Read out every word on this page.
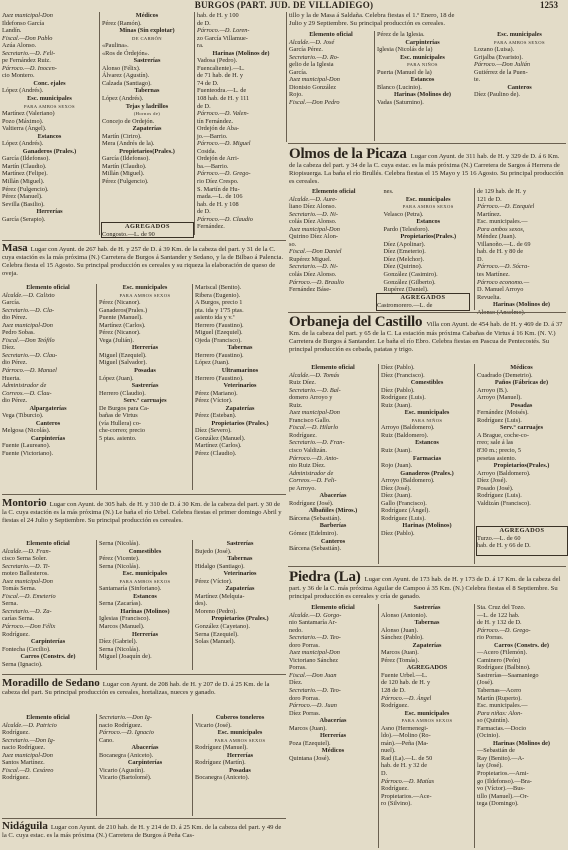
BURGOS (PART. JUD. DE VILLADIEGO)	1253

Juez municipal-Don

Ildefonso García

Landín.

Fiscal.—Don Pablo

Azúa Alonso.

Secretario.—D. Feli-

pe Fernández Ruiz.

Párroco.—D. Inocen-

cio Montero.

Conc. ejales

López (Andrés).

Esc. municipales

PARA AMBOS SEXOS

Martínez (Valeriano)

Pozo (Máximo).

Valtierra (Ángel).

Estancos

López (Andrés).

Ganaderos (Prales.)

García (Ildefonso).

Martín (Claudio).

Martínez (Felipe).

Millán (Miguel).

Pérez (Fulgencio).

Pérez (Manuel).

Sevilla (Basilio).

Herrerías

García (Serapio).

Médicos

Pérez (Ramón).

Minas (Sin explotar)

DE CARBÓN

«Paulina».

«Ros de Órdejón».

Sastrerías

Alonso (Félix).

Álvarez (Agustín).

Calzada (Santiago).

Tabernas

López (Andrés).

Tejas y ladrillos

(Hornos de)

Concejo de Ordejón.

Zapaterías

Martín (Ciriro).

Mera (Andrés de la).

Propietarios(Prales.)

García (Ildefonso).

Martín (Claudio).

Millán (Miguel).

Pérez (Fulgencio).

AGREGADOS

Congosto.—L. de 90

hab. de H. y 100

de D.

Párroco.—D. Loren-

zo García Villamue-

ra.

Harinas (Molinos de)

Vadosa (Pedro).

Fuencaliente).—L.

de 71 hab. de H. y

74 de D.

Fuenteodra.—L. de

108 hab. de H. y 111

de D.

Párroco.—D. Valen-

tín Fernández.

Ordejón de Aba-

jo.—Barrio.

Párroco.—D. Miguel

Cosida.

Ordejón de Arri-

ba.—Barrio.

Párroco.—D. Grego-

rio Díez Crespo.

S. Martín de Hu-

mada.—L. de 106

hab. de H. y 108

de D.

Párroco.—D. Claudio

Fernández.

tillo y la de Masa á Saldaña. Celebra fiestas el 1.º Enero, 18 de

Julio y 29 Septiembre. Su principal producción es cereales.

Elemento oficial

Alcalde.—D. José

García Pérez.

Secretario.—D. Ro-

gelio de la Iglesia

García.

Juez municipal-Don

Dionisio González

Rojo.

Fiscal.—Don Pedro

Pérez de la Iglesia.

Carpinterías

Iglesia (Nicolás de la)

Esc. municipales

PARA NIÑOS

Puerta (Manuel de la)

Estancos

Blanco (Lucinio).

Harinas (Molinos de)

Vadas (Saturnino).

Esc. municipales

PARA AMBOS SEXOS

Lozano (Luisa).

Grijalba (Evaristo).

Párroco.—Don Julián

Gutiérrez de la Puen-

te.

Canteros

Díez (Paulino de).

Olmos de la Picaza Lugar con Ayunt. de 311 hab. de H. y 329 de D. á 6 Km. de la cabeza del part. y 34 de la C. cuya estac. es la más próxima (N.) Carretera de Sargos á Herrera de Riopisuerga. La baña el río Brullés. Celebra fiestas el 15 Mayo y 15 16 Agosto. Su principal producción es cereales.

Elemento oficial

Alcalde.—D. Aure-

liano Díez Alonso.

Secretario.—D. Ni-

colás Díez Alonso.

Juez municipal-Don

Quirino Díez Alon-

so.

Fiscal.—Don Daniel

Rupérez Miguel.

Secretario.—D. Ni-

colás Díez Alonso.

Párroco.—D. Braulio

Fernández Báse-

nes.

Esc. municipales

PARA AMBOS SEXOS

Velasco (Petra).

Estancos

Pardo (Telesforo).

Propietarios(Prales.)

Díez (Apolinar).

Díez (Emeterio).

Díez (Melchor).

Díez (Quirino).

González (Casimiro).

González (Gilberto).

Rupérez (Daniel).

AGREGADOS

Castromorero.—L. de

de 129 hab. de H. y

121 de D.

Párroco.—D. Ezequiel

Martínez.

Esc. municipales.—

Para ambos sexos,

Méndez (Juan).

Villanoño.—L. de 69

hab. de H. y 80 de

D.

Párroco.—D. Sócra-

tes Martínez.

Párroco economo.—

D. Manuel Arroyo

Revuelta.

Harinas (Molinos de)

Masa Lugar con Ayunt. de 267 hab. de H. y 257 de D. á 39 Km. de la cabeza del part. y 31 de la C. cuya estación es la más próxima (N.) Carretera de Burgos á Santander y Sedano, y la de Bilbao á Palencia. Celebra fiesta el 15 Agosto. Su principal producción es cereales y su riqueza la elaboración de queso de oveja.

Elemento oficial

Alcalde.—D. Calixto

García.

Secretario.—D. Cla-

dio Pérez.

Juez municipal-Don

Pedro Sobas.

Fiscal.—Don Teófilo

Díez.

Secretario.—D. Clau-

dio Pérez.

Párroco.—D. Manuel

Huerta.

Administrador de

Correos.—D. Clau-

dio Pérez.

Alpargaterías

Vega (Tiburcio).

Canteros

Melgosa (Nicolás).

Carpinterías

Fuente (Laureano).

Fuente (Victoriano).

Esc. municipales

PARA AMBOS SEXOS

Pérez (Nicanor).

Ganaderos(Prales.)

Puente (Manuel).

Martínez (Carlos).

Pérez (Nicanor).

Vega (Julián).

Herrerías

Miguel (Ezequiel).

Miguel (Salvador).

Posadas

López (Juan).

Sastrerías

Herrero (Claudio).

Serv.° carruajes

De Burgos para Ca-

bañas de Virtus

(vía Hullera) co-

che-correo; precio

5 ptas. asiento.

Mariscal (Benito).

Ribera (Eugenio).

A Burgos, precio 1

pta. ida y 1'75 ptas.

asiento ida y v.ª

Herrero (Faustino).

Miguel (Ezequiel).

Ojeda (Francisco).

Tabernas

Herrero (Faustino).

López (Juan).

Ultramarinos

Herrero (Faustino).

Veterinarios

Pérez (Mariano).

Pérez (Víctor).

Zapaterías

Pérez (Esteban).

Propietarios (Prales.)

Díez (Severo).

González (Manuel).

Martínez (Carlos).

Pérez (Claudio).

Orbaneja del Castillo Villa con Ayunt. de 454 hab. de H. y 469 de D. á 37 Km. de la cabeza del part. y 65 de la C. La estación más próxima Cabañas de Virtus á 16 Km. (N. V.) Carretera de Burgos á Santander. Le baña el río Ebro. Celebra fiestas en Pascua de Pentecostés. Su principal producción es cebada, patatas y trigo.

Elemento oficial

Alcalde.—D. Tomás

Ruiz Díez.

Secretario.—D. Bal-

domero Arroyo y

Ruiz.

Juez municipal-Don

Francisco Gallo.

Fiscal.—D. Hilarlo

Rodríguez.

Secretario.—D. Fran-

cisco Valdizán.

Párroco.—D. Anto-

nio Ruiz Díez.

Administrador de

Correos.—D. Feli-

pe Arroyo.

Abacerías

Rodríguez (José).

Albañiles (Miros.)

Bárcena (Sebastián).

Barberías

Gómez (Edelmiro).

Canteros

Bárcena (Sebastián).

Díez (Pablo).

Díez (Francisco).

Comestibles

Díez (Pablo).

Rodríguez (Luis).

Ruiz (Juan).

Esc. municipales

PARA NIÑOS

Arroyo (Baldomero).

Ruiz (Baldomero).

Estancos

Ruiz (Juan).

Farmacias

Rojo (Juan).

Ganaderos (Prales.)

Arroyo (Baldomero).

Díez (José).

Díez (Juan).

Gallo (Francisco).

Rodríguez (Ángel).

Rodríguez (Luis).

Harinas (Molinos)

Díez (Pablo).

Médicos

Cuadrado (Demetrio).

Paños (Fábricas de)

Arroyo (B.).

Arroyo (Manuel).

Posadas

Fernández (Moisés).

Rodríguez (Luis).

Serv.° carruajes

A Brague, coche-co-

rreo; sale á las

8'30 m.; precio, 5

pesetas asiento.

Propietarios(Prales.)

Arroyo (Baldomero).

Díez (José).

Posado (José).

Rodríguez (Luis).

Valdizán (Francisco).

AGREGADOS

Turzo.—L. de 60

hab. de H. y 66 de D.

Montorio Lugar con Ayunt. de 305 hab. de H. y 310 de D. á 30 Km. de la cabeza del part. y 30 de la C. cuya estación es la más próxima (N.) Le baña el río Urbel. Celebra fiestas el primer domingo Abril y fiestas el 24 Julio y Septiembre. Su principal producción es cereales.

Elemento oficial

Alcalde.—D. Fran-

cisco Serna Soler.

Secretario.—D. Ti-

moteo Ballesteros.

Juez municipal-Don

Tomás Serna.

Fiscal.—D. Emeterio

Serna.

Secretario.—D. Za-

carías Serna.

Párroco.—Don Félix

Rodríguez.

Carpinterías

Fontecha (Cecilio).

Carros (Constrs. de)

Serna (Ignacio).

Serna (Nicolás).

Comestibles

Pérez (Vicente).

Serna (Nicolás).

Esc. municipales

PARA AMBOS SEXOS

Santamaría (Sinforiano).

Estancos

Serna (Zacarías).

Harinas (Molinos)

Iglesias (Francisco).

Marcos (Manuel).

Herrerías

Díez (Gabriel).

Serna (Nicolás).

Miguel (Joaquín de).

Sastrerías

Bujedo (José).

Tabernas

Hidalgo (Santiago).

Veterinarios

Pérez (Víctor).

Zapaterías

Martínez (Melquia-

des).

Moreno (Pedro).

Propietarios (Prales.)

González (Cayetano).

Serna (Ezequiel).

Solas (Manuel).

Piedra (La) Lugar con Ayunt. de 173 hab. de H. y 173 de D. á 17 Km. de la cabeza del part. y 36 de la C. más próxima Aguilar de Campoo á 35 Km. (N.) Celebra fiestas el 8 Septiembre. Su principal producción es cereales y cría de ganado.

Elemento oficial

Alcalde.—D. Gorgo-

nio Santamaría Ar-

nedo.

Secretario.—D. Teo-

doro Porras.

Juez municipal-Don

Victoriano Sánchez

Porras.

Fiscal.—Don Juan

Díez.

Secretario.—D. Teo-

doro Porras.

Párroco.—D. Juan

Díez Porras.

Abacerías

Marcos (Juan).

Herrerías

Poza (Ezequiel).

Médicos

Quintana (José).

Sastrerías

Alonso (Antonio).

Tabernas

Alonso (Juan).

Sánchez (Pablo).

Zapaterías

Marcos (Juan).

Pérez (Tomás).

AGREGADOS

Fuente Urbel.—L.

de 120 hab. de H. y

128 de D.

Párroco.—D. Ángel

Rodríguez.

Esc. municipales

PARA AMBOS SEXOS

Asno (Hermenegi-

ldo).—Molino (Ro-

mán).—Peña (Ma-

nuel).

Rad (La).—L. de 50

hab. de H. y 32 de

D.

Párroco.—D. Matías

Rodríguez.

Propietarios.—Ace-

ro (Silvino).

Sta. Cruz del Tozo.

—L. de 122 hab.

de H. y 132 de D.

Párroco.—D. Grego-

rio Porras.

Carros (Constrs. de)

—Acero (Filemón).

Caminero (Peón)

Rodríguez (Balbino).

Sastrerías—Saamaniego

(José).

Tabernas—Acero

Martín (Ruperto).

Esc. municipales.—

Para niñas: Alon-

so (Quintín).

Farmacias.—Docio

(Ocinio).

Harinas (Molinos de)

—Sebastián de

Ray (Benito).—A-

lay (José).

Propietarios.—Ami-

go (Ildefonso).—Bra-

vo (Víctor).—Bus-

tillo (Manuel).—Or-

tega (Domingo).

Moradillo de Sedano Lugar con Ayunt. de 208 hab. de H. y 207 de D. á 25 Km. de la cabeza del part. Su principal producción es cereales, hortalizas, nueces y ganado.

Elemento oficial

Alcalde.—D. Patricio

Rodríguez.

Secretario.—Don Ig-

nacio Rodríguez.

Juez municipal-Don

Santos Martínez.

Fiscal.—D. Cesáreo

Rodríguez.

Secretario.—Don Ig-

nacio Rodríguez.

Párroco.—D. Ignacio

Cano.

Abacerías

Bocanegra (Aniceto).

Carpinterías

Vicario (Agustín).

Vicario (Bartolomé).

Cuberos toneleros

Vicario (José).

Esc. municipales

PARA AMBOS SEXOS

Rodríguez (Manuel).

Herrerías

Rodríguez (Martín).

Posadas

Bocanegra (Aniceto).

Nidáguila Lugar con Ayunt. de 210 hab. de H. y 214 de D. á 25 Km. de la cabeza del part. y 49 de la C. cuya estac. es la más próxima (N.) Carretera de Burgos á Peña Cas-
